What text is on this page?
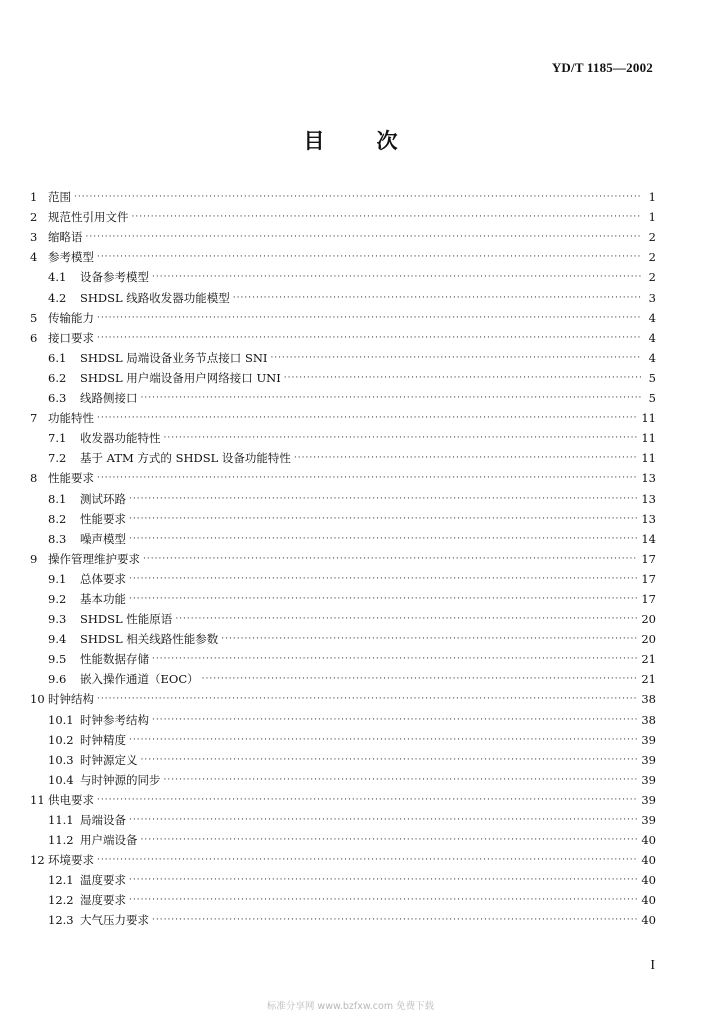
YD/T 1185—2002
目次
1 范围 ·····	1
2 规范性引用文件 ·····	1
3 缩略语 ·····	2
4 参考模型 ·····	2
4.1	设备参考模型 ·····	2
4.2	SHDSL 线路收发器功能模型 ·····	3
5 传输能力 ·····	4
6 接口要求 ·····	4
6.1	SHDSL 局端设备业务节点接口 SNI ·····	4
6.2	SHDSL 用户端设备用户网络接口 UNI ·····	5
6.3	线路侧接口 ·····	5
7 功能特性 ·····	11
7.1	收发器功能特性 ·····	11
7.2	基于 ATM 方式的 SHDSL 设备功能特性 ·····	11
8 性能要求 ·····	13
8.1	测试环路 ·····	13
8.2	性能要求 ·····	13
8.3	噪声模型 ·····	14
9 操作管理维护要求 ·····	17
9.1	总体要求 ·····	17
9.2	基本功能 ·····	17
9.3	SHDSL 性能原语 ·····	20
9.4	SHDSL 相关线路性能参数 ·····	20
9.5	性能数据存储 ·····	21
9.6	嵌入操作通道（EOC） ·····	21
10 时钟结构 ·····	38
10.1 时钟参考结构 ·····	38
10.2 时钟精度 ·····	39
10.3 时钟源定义 ·····	39
10.4 与时钟源的同步 ·····	39
11 供电要求 ·····	39
11.1 局端设备 ·····	39
11.2 用户端设备 ·····	40
12 环境要求 ·····	40
12.1 温度要求 ·····	40
12.2 湿度要求 ·····	40
12.3 大气压力要求 ·····	40
I
标准分享网 www.bzfxw.com 免费下载
